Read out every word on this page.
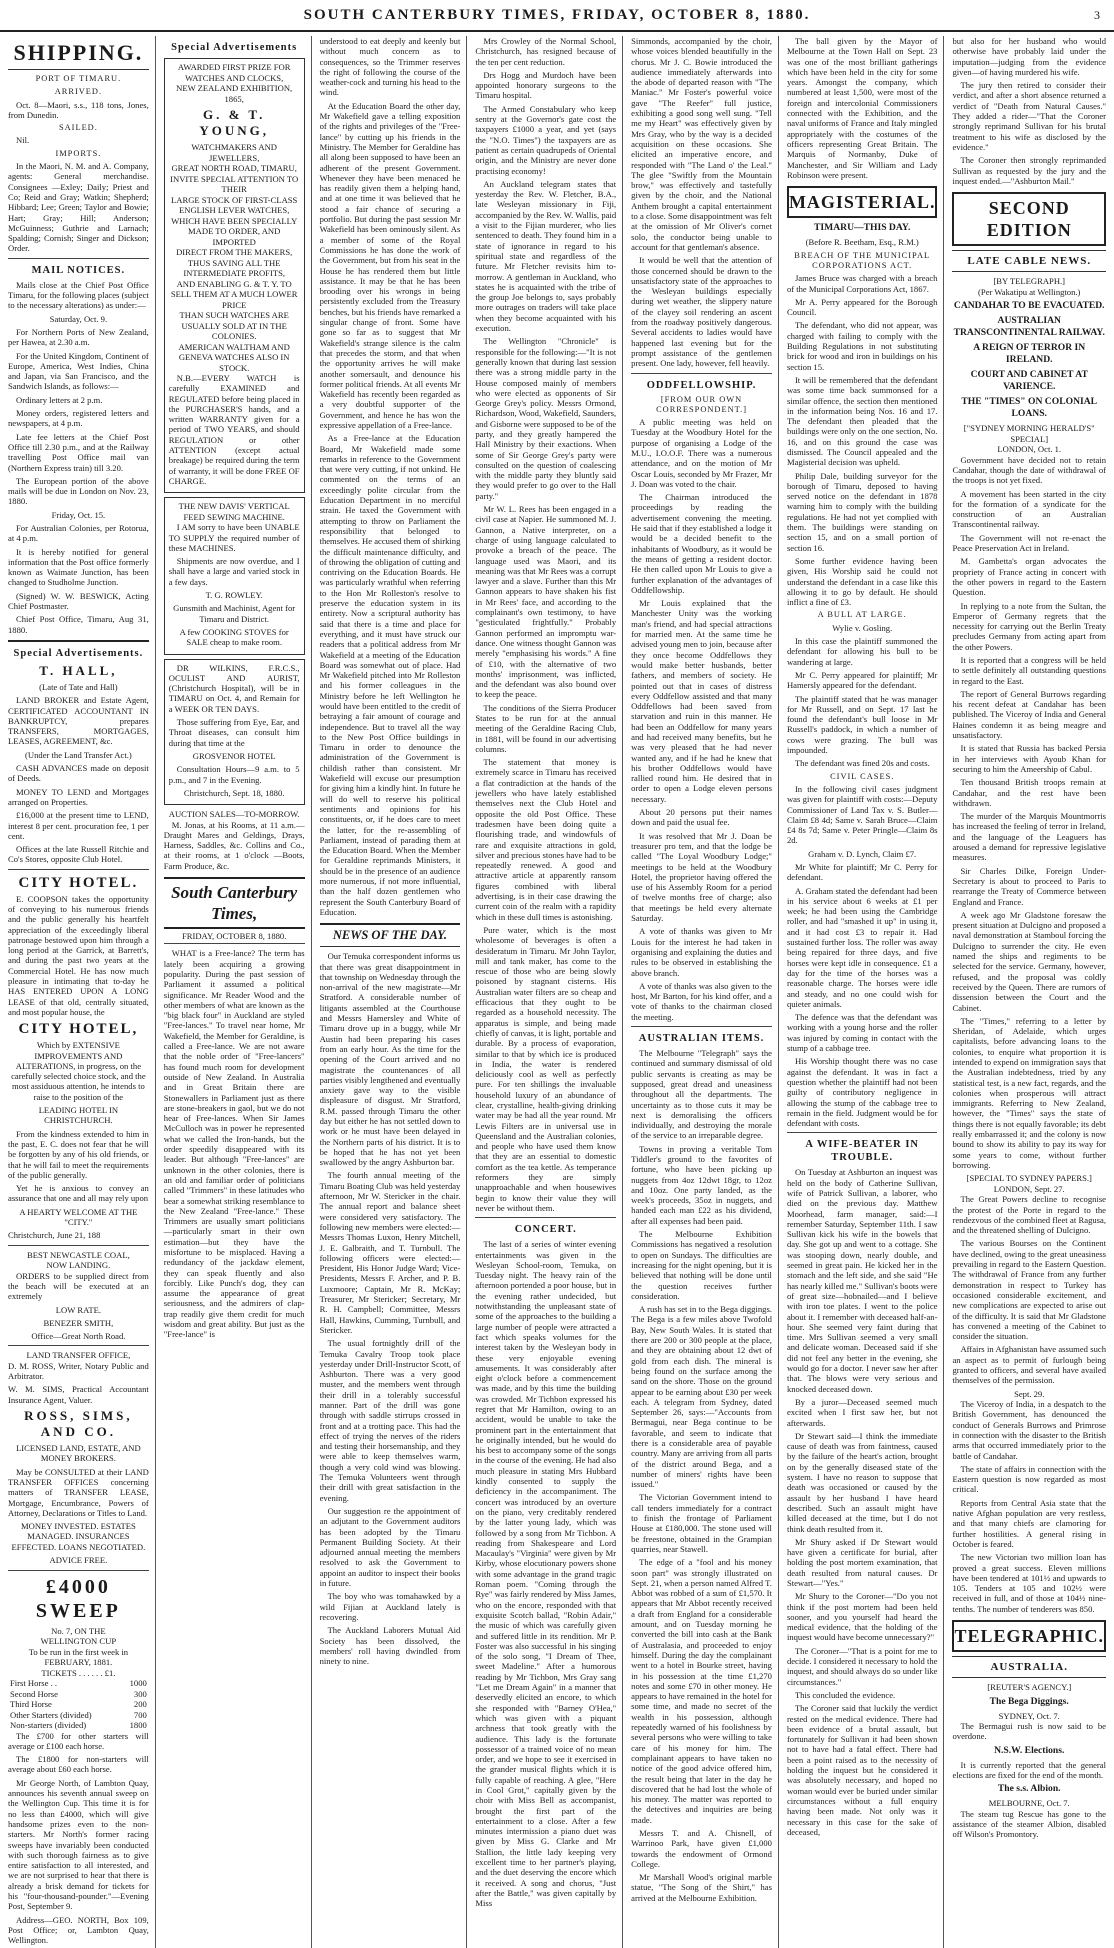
SOUTH CANTERBURY TIMES, FRIDAY, OCTOBER 8, 1880.	3
SHIPPING.
PORT OF TIMARU.
ARRIVED.

Oct. 8—Maori, s.s., 118 tons, Jones, from Dunedin.

SAILED.

Nil.

IMPORTS.

In the Maori, N. M. and A. Company, agents: General merchandise. Consignees —Exley; Daily; Priest and Co; Reid and Gray; Watkin; Shepherd; Hibbard; Lee; Green; Taylor and Bowie; Hart; Gray; Hill; Anderson; McGuinness; Guthrie and Larnach; Spalding; Cornish; Singer and Dickson; Order.

MAIL NOTICES.

Mails close at the Chief Post Office Timaru, for the following places (subject to the necessary alterations) as under:—

Saturday, Oct. 9.

For Northern Ports of New Zealand, per Hawea, at 2.30 a.m.

For the United Kingdom, Continent of Europe, America, West Indies, China and Japan, via San Francisco, and the Sandwich Islands, as follows:—

Ordinary letters at 2 p.m.

Money orders, registered letters and newspapers, at 4 p.m.

Late fee letters at the Chief Post Office till 2.30 p.m., and at the Railway travelling Post Office mail van (Northern Express train) till 3.20.

The European portion of the above mails will be due in London on Nov. 23, 1880.

Friday, Oct. 15.

For Australian Colonies, per Rotorua, at 4 p.m.

It is hereby notified for general information that the Post office formerly known as Waimate Junction, has been changed to Studholme Junction.

(Signed) W. W. BESWICK, Acting Chief Postmaster.

Chief Post Office, Timaru, Aug 31, 1880.

Special Advertisements.
T. HALL,

(Late of Tate and Hall)

LAND BROKER and Estate Agent, CERTIFICATED ACCOUNTANT IN BANKRUPTCY, prepares TRANSFERS, MORTGAGES, LEASES, AGREEMENT, &c.

(Under the Land Transfer Act.)

CASH ADVANCES made on deposit of Deeds.

MONEY TO LEND and Mortgages arranged on Properties.

£16,000 at the present time to LEND, interest 8 per cent. procuration fee, 1 per cent.

Offices at the late Russell Ritchie and Co's Stores, opposite Club Hotel.

CITY HOTEL.

E. COOPSON takes the opportunity of conveying to his numerous friends and the public generally his heartfelt appreciation of the exceedingly liberal patronage bestowed upon him through a long period at the Garrick, at Barrett's, and during the past two years at the Commercial Hotel. He has now much pleasure in intimating that to-day he HAS ENTERED UPON A LONG LEASE of that old, centrally situated, and most popular house, the

CITY HOTEL,

Which by EXTENSIVE IMPROVEMENTS AND ALTERATIONS, in progress, on the carefully selected choice stock, and the most assiduous attention, he intends to raise to the position of the

LEADING HOTEL IN CHRISTCHURCH.

From the kindness extended to him in the past, E. C. does not fear that he will be forgotten by any of his old friends, or that he will fail to meet the requirements of the public generally.

Yet he is anxious to convey an assurance that one and all may rely upon

A HEARTY WELCOME AT THE "CITY."

Christchurch, June 21, 188

BEST NEWCASTLE COAL,
NOW LANDING.

ORDERS to be supplied direct from the beach will be executed at an extremely

LOW RATE.

BENEZER SMITH,

Office—Great North Road.

LAND TRANSFER OFFICE,

D. M. ROSS, Writer, Notary Public and Arbitrator.

W. M. SIMS, Practical Accountant Insurance Agent, Valuer.

ROSS, SIMS, AND CO.

LICENSED LAND, ESTATE, AND MONEY BROKERS.

May be CONSULTED at their LAND TRANSFER OFFICES concerning matters of TRANSFER LEASE, Mortgage, Encumbrance, Powers of Attorney, Declarations or Titles to Land.

MONEY INVESTED. ESTATES MANAGED. INSURANCES EFFECTED. LOANS NEGOTIATED.

ADVICE FREE.
£4000 SWEEP
No. 7, ON THE
WELLINGTON CUP
To be run in the first week in
FEBRUARY, 1881.
TICKETS . . . . . . £1.
First Horse . .	1000
Second Horse	300
Third Horse	200
Other Starters (divided)	700
Non-starters (divided)	1800

The £700 for other starters will average or £100 each horse.

The £1800 for non-starters will average about £60 each horse.

Mr George North, of Lambton Quay, announces his seventh annual sweep on the Wellington Cup. This time it is for no less than £4000, which will give handsome prizes even to the non-starters. Mr North's former racing sweeps have invariably been conducted with such thorough fairness as to give entire satisfaction to all interested, and we are not surprised to hear that there is already a brisk demand for tickets for his "four-thousand-pounder."—Evening Post, September 9.

Address—GEO. NORTH, Box 109, Post Office; or, Lambton Quay, Wellington.

Special Advertisements
AWARDED FIRST PRIZE FOR WATCHES AND CLOCKS,
NEW ZEALAND EXHIBITION, 1865,
G. & T. YOUNG,
WATCHMAKERS AND JEWELLERS,
GREAT NORTH ROAD, TIMARU,
INVITE SPECIAL ATTENTION TO THEIR
LARGE STOCK OF FIRST-CLASS ENGLISH LEVER WATCHES,
WHICH HAVE BEEN SPECIALLY MADE TO ORDER, AND IMPORTED
DIRECT FROM THE MAKERS,
THUS SAVING ALL THE INTERMEDIATE PROFITS,
AND ENABLING G. & T. Y. TO SELL THEM AT A MUCH LOWER PRICE
THAN SUCH WATCHES ARE USUALLY SOLD AT IN THE COLONIES.
AMERICAN WALTHAM AND GENEVA WATCHES ALSO IN STOCK.

N.B.—EVERY WATCH is carefully EXAMINED and REGULATED before being placed in the PURCHASER'S hands, and a written WARRANTY given for a period of TWO YEARS, and should REGULATION or other ATTENTION (except actual breakage) be required during the term of warranty, it will be done FREE OF CHARGE.

THE NEW DAVIS' VERTICAL FEED SEWING MACHINE.

I AM sorry to have been UNABLE TO SUPPLY the required number of these MACHINES.

Shipments are now overdue, and I shall have a large and varied stock in a few days.

T. G. ROWLEY.

Gunsmith and Machinist, Agent for Timaru and District.

A few COOKING STOVES for SALE cheap to make room.

DR WILKINS, F.R.C.S., OCULIST AND AURIST, (Christchurch Hospital), will be in TIMARU on Oct. 4, and Remain for a WEEK OR TEN DAYS.

Those suffering from Eye, Ear, and Throat diseases, can consult him during that time at the

GROSVENOR HOTEL

Consultation Hours—9 a.m. to 5 p.m., and 7 in the Evening.

Christchurch, Sept. 18, 1880.

AUCTION SALES—TO-MORROW.

M. Jonas, at his Rooms, at 11 a.m.—Draught Mares and Geldings, Drays, Harness, Saddles, &c. Collins and Co., at their rooms, at 1 o'clock —Boots, Farm Produce, &c.

South Canterbury Times,
FRIDAY, OCTOBER 8, 1880.

WHAT is a Free-lance? The term has lately been acquiring a growing popularity. During the past session of Parliament it assumed a political significance. Mr Reader Wood and the other members of what are known as the "big black four" in Auckland are styled "Free-lances." To travel near home, Mr Wakefield, the Member for Geraldine, is called a Free-lance. We are not aware that the noble order of "Free-lancers" has found much room for development outside of New Zealand. In Australia and in Great Britain there are Stonewallers in Parliament just as there are stone-breakers in gaol, but we do not hear of Free-lances. When Sir James McCulloch was in power he represented what we called the Iron-hands, but the order speedily disappeared with its leader. But although "Free-lances" are unknown in the other colonies, there is an old and familiar order of politicians called "Trimmers" in these latitudes who bear a somewhat striking resemblance to the New Zealand "Free-lance." These Trimmers are usually smart politicians—particularly smart in their own estimation—but they have the misfortune to be misplaced. Having a redundancy of the jackdaw element, they can speak fluently and also forcibly. Like Punch's dog, they can assume the appearance of great seriousness, and the admirers of clap-trap readily give them credit for much wisdom and great ability. But just as the "Free-lance" is

understood to eat deeply and keenly but without much concern as to consequences, so the Trimmer reserves the right of following the course of the weather-cock and turning his head to the wind.

At the Education Board the other day, Mr Wakefield gave a telling exposition of the rights and privileges of the "Free-lance" by cutting up his friends in the Ministry. The Member for Geraldine has all along been supposed to have been an adherent of the present Government. Whenever they have been menaced he has readily given them a helping hand, and at one time it was believed that he stood a fair chance of securing a portfolio. But during the past session Mr Wakefield has been ominously silent. As a member of some of the Royal Commissions he has done the work of the Government, but from his seat in the House he has rendered them but little assistance. It may be that he has been brooding over his wrongs in being persistently excluded from the Treasury benches, but his friends have remarked a singular change of front. Some have gone so far as to suggest that Mr Wakefield's strange silence is the calm that precedes the storm, and that when the opportunity arrives he will make another somersault, and denounce his former political friends. At all events Mr Wakefield has recently been regarded as a very doubtful supporter of the Government, and hence he has won the expressive appellation of a Free-lance.

As a Free-lance at the Education Board, Mr Wakefield made some remarks in reference to the Government that were very cutting, if not unkind. He commented on the terms of an exceedingly polite circular from the Education Department in no merciful strain. He taxed the Government with attempting to throw on Parliament the responsibility that belonged to themselves. He accused them of shirking the difficult maintenance difficulty, and of throwing the obligation of cutting and contriving on the Education Boards. He was particularly wrathful when referring to the Hon Mr Rolleston's resolve to preserve the education system in its entirety. Now a scriptural authority has said that there is a time and place for everything, and it must have struck our readers that a political address from Mr Wakefield at a meeting of the Education Board was somewhat out of place. Had Mr Wakefield pitched into Mr Rolleston and his former colleagues in the Ministry before he left Wellington he would have been entitled to the credit of betraying a fair amount of courage and independence. But to travel all the way to the New Post Office buildings in Timaru in order to denounce the administration of the Government is childish rather than consistent. Mr Wakefield will excuse our presumption for giving him a kindly hint. In future he will do well to reserve his political sentiments and opinions for his constituents, or, if he does care to meet the latter, for the re-assembling of Parliament, instead of parading them at the Education Board. When the Member for Geraldine reprimands Ministers, it should be in the presence of an audience more numerous, if not more influential, than the half dozen gentlemen who represent the South Canterbury Board of Education.

NEWS OF THE DAY.

Our Temuka correspondent informs us that there was great disappointment in that township on Wednesday through the non-arrival of the new magistrate—Mr Stratford. A considerable number of litigants assembled at the Courthouse and Messrs Hamersley and White of Timaru drove up in a buggy, while Mr Austin had been preparing his cases from an early hour. As the time for the opening of the Court arrived and no magistrate the countenances of all parties visibly lengthened and eventually anxiety gave way to the visible displeasure of disgust. Mr Stratford, R.M. passed through Timaru the other day but either he has not settled down to work or he must have been delayed in the Northern parts of his district. It is to be hoped that he has not yet been swallowed by the angry Ashburton bar.

The fourth annual meeting of the Timaru Boating Club was held yesterday afternoon, Mr W. Stericker in the chair. The annual report and balance sheet were considered very satisfactory. The following new members were elected:—Messrs Thomas Luxon, Henry Mitchell, J. E. Galbraith, and T. Turnbull. The following officers were elected:—President, His Honor Judge Ward; Vice-Presidents, Messrs F. Archer, and P. B. Luxmoore; Captain, Mr R. McKay; Treasurer, Mr Stericker; Secretary, Mr R. H. Campbell; Committee, Messrs Hall, Hawkins, Cumming, Turnbull, and Stericker.

The usual fortnightly drill of the Temuka Cavalry Troop took place yesterday under Drill-Instructor Scott, of Ashburton. There was a very good muster, and the members went through their drill in a tolerably successful manner. Part of the drill was gone through with saddle stirrups crossed in front and at a trotting pace. This had the effect of trying the nerves of the riders and testing their horsemanship, and they were able to keep themselves warm, though a very cold wind was blowing. The Temuka Volunteers went through their drill with great satisfaction in the evening.

Our suggestion re the appointment of an adjutant to the Government auditors has been adopted by the Timaru Permanent Building Society. At their adjourned annual meeting the members resolved to ask the Government to appoint an auditor to inspect their books in future.

The boy who was tomahawked by a wild Fijian at Auckland lately is recovering.

The Auckland Laborers Mutual Aid Society has been dissolved, the members' roll having dwindled from ninety to nine.

Mrs Crowley of the Normal School, Christchurch, has resigned because of the ten per cent reduction.

Drs Hogg and Murdoch have been appointed honorary surgeons to the Timaru hospital.

The Armed Constabulary who keep sentry at the Governor's gate cost the taxpayers £1000 a year, and yet (says the "N.O. Times") the taxpayers are as patient as certain quadrupeds of Oriental origin, and the Ministry are never done practising economy!

An Auckland telegram states that yesterday the Rev. W. Fletcher, B.A., late Wesleyan missionary in Fiji, accompanied by the Rev. W. Wallis, paid a visit to the Fijian murderer, who lies sentenced to death. They found him in a state of ignorance in regard to his spiritual state and regardless of the future. Mr Fletcher revisits him to-morrow. A gentleman in Auckland, who states he is acquainted with the tribe of the group Joe belongs to, says probably more outrages on traders will take place when they become acquainted with his execution.

The Wellington "Chronicle" is responsible for the following:—"It is not generally known that during last session there was a strong middle party in the House composed mainly of members who were elected as opponents of Sir George Grey's policy. Messrs Ormond, Richardson, Wood, Wakefield, Saunders, and Gisborne were supposed to be of the party, and they greatly hampered the Hall Ministry by their exactions. When some of Sir George Grey's party were consulted on the question of coalescing with the middle party they bluntly said they would prefer to go over to the Hall party."

Mr W. L. Rees has been engaged in a civil case at Napier. He summoned M. J. Gannon, a Native interpreter, on a charge of using language calculated to provoke a breach of the peace. The language used was Maori, and its meaning was that Mr Rees was a corrupt lawyer and a slave. Further than this Mr Gannon appears to have shaken his fist in Mr Rees' face, and according to the complainant's own testimony, to have "gesticulated frightfully." Probably Gannon performed an impromptu war-dance. One witness thought Gannon was merely "emphasising his words." A fine of £10, with the alternative of two months' imprisonment, was inflicted, and the defendant was also bound over to keep the peace.

The conditions of the Sierra Producer States to be run for at the annual meeting of the Geraldine Racing Club, in 1881, will be found in our advertising columns.

The statement that money is extremely scarce in Timaru has received a flat contradiction at the hands of the jewellers who have lately established themselves next the Club Hotel and opposite the old Post Office. These tradesmen have been doing quite a flourishing trade, and windowfuls of rare and exquisite attractions in gold, silver and precious stones have had to be repeatedly renewed. A good and attractive article at apparently ransom figures combined with liberal advertising, is in their case drawing the current coin of the realm with a rapidity which in these dull times is astonishing.

Pure water, which is the most wholesome of beverages is often a desideratum in Timaru. Mr John Taylor, mill and tank maker, has come to the rescue of those who are being slowly poisoned by stagnant cisterns. His Australian water filters are so cheap and efficacious that they ought to be regarded as a household necessity. The apparatus is simple, and being made chiefly of canvas, it is light, portable and durable. By a process of evaporation, similar to that by which ice is produced in India, the water is rendered deliciously cool as well as perfectly pure. For ten shillings the invaluable household luxury of an abundance of clear, crystalline, health-giving drinking water may be had all the year round. Mr Lewis Filters are in universal use in Queensland and the Australian colonies, and people who have used them know that they are an essential to domestic comfort as the tea kettle. As temperance reformers they are simply unapproachable and when housewives begin to know their value they will never be without them.

CONCERT.

The last of a series of winter evening entertainments was given in the Wesleyan School-room, Temuka, on Tuesday night. The heavy rain of the afternoon portended a poor house, but in the evening rather undecided, but notwithstanding the unpleasant state of some of the approaches to the building a large number of people were attracted a fact which speaks volumes for the interest taken by the Wesleyan body in these very enjoyable evening amusements. It was considerably after eight o'clock before a commencement was made, and by this time the building was crowded. Mr Tichbon expressed his regret that Mr Hamilton, owing to an accident, would be unable to take the prominent part in the entertainment that he originally intended, but he would do his best to accompany some of the songs in the course of the evening. He had also much pleasure in stating Mrs Hubbard kindly consented to supply the deficiency in the accompaniment. The concert was introduced by an overture on the piano, very creditably rendered by the latter young lady, which was followed by a song from Mr Tichbon. A reading from Shakespeare and Lord Macaulay's "Virginia" were given by Mr Kirby, whose elocutionary powers shone with some advantage in the grand tragic Roman poem. "Coming through the Rye" was fairly rendered by Miss James, who on the encore, responded with that exquisite Scotch ballad, "Robin Adair," the music of which was carefully given and suffered little in its rendition. Mr P. Foster was also successful in his singing of the solo song, "I Dream of Thee, sweet Madeline." After a humorous reading by Mr Tichbon, Mrs Gray sang "Let me Dream Again" in a manner that deservedly elicited an encore, to which she responded with "Barney O'Hea," which was given with a piquant archness that took greatly with the audience. This lady is the fortunate possessor of a trained voice of no mean order, and we hope to see it exercised in the grander musical flights which it is fully capable of reaching. A glee, "Here in Cool Grot," capitally given by the choir with Miss Bell as accompanist, brought the first part of the entertainment to a close. After a few minutes intermission a piano duet was given by Miss G. Clarke and Mr Stallion, the little lady keeping very excellent time to her partner's playing, and the duet deserving the encore which it received. A song and chorus, "Just after the Battle," was given capitally by Miss

Simmonds, accompanied by the choir, whose voices blended beautifully in the chorus. Mr J. C. Bowie introduced the audience immediately afterwards into the abode of departed reason with "The Maniac." Mr Foster's powerful voice gave "The Reefer" full justice, exhibiting a good song well sung. "Tell me my Heart" was effectively given by Mrs Gray, who by the way is a decided acquisition on these occasions. She elicited an imperative encore, and responded with "The Land o' the Leal." The glee "Swiftly from the Mountain brow," was effectively and tastefully given by the choir, and the National Anthem brought a capital entertainment to a close. Some disappointment was felt at the omission of Mr Oliver's cornet solo, the conductor being unable to account for that gentleman's absence.

It would be well that the attention of those concerned should be drawn to the unsatisfactory state of the approaches to the Wesleyan buildings especially during wet weather, the slippery nature of the clayey soil rendering an ascent from the roadway positively dangerous. Several accidents to ladies would have happened last evening but for the prompt assistance of the gentlemen present. One lady, however, fell heavily.

ODDFELLOWSHIP.
[FROM OUR OWN CORRESPONDENT.]

A public meeting was held on Tuesday at the Woodbury Hotel for the purpose of organising a Lodge of the M.U., I.O.O.F. There was a numerous attendance, and on the motion of Mr Oscar Louis, seconded by Mr Frazer, Mr J. Doan was voted to the chair.

The Chairman introduced the proceedings by reading the advertisement convening the meeting. He said that if they established a lodge it would be a decided benefit to the inhabitants of Woodbury, as it would be the means of getting a resident doctor. He then called upon Mr Louis to give a further explanation of the advantages of Oddfellowship.

Mr Louis explained that the Manchester Unity was the working man's friend, and had special attractions for married men. At the same time he advised young men to join, because after they once become Oddfellows they would make better husbands, better fathers, and members of society. He pointed out that in cases of distress every Oddfellow assisted and that many Oddfellows had been saved from starvation and ruin in this manner. He had been an Oddfellow for many years and had received many benefits, but he was very pleased that he had never wanted any, and if he had he knew that his brother Oddfellows would have rallied round him. He desired that in order to open a Lodge eleven persons necessary.

About 20 persons put their names down and paid the usual fee.

It was resolved that Mr J. Doan be treasurer pro tem, and that the lodge be called "The Loyal Woodbury Lodge;" meetings to be held at the Woodbury Hotel, the proprietor having offered the use of his Assembly Room for a period of twelve months free of charge; also that meetings be held every alternate Saturday.

A vote of thanks was given to Mr Louis for the interest he had taken in organising and explaining the duties and rules to be observed in establishing the above branch.

A vote of thanks was also given to the host, Mr Barton, for his kind offer, and a vote of thanks to the chairman closed the meeting.

AUSTRALIAN ITEMS.

The Melbourne "Telegraph" says the continued and summary dismissal of old public servants is creating as may be supposed, great dread and uneasiness throughout all the departments. The uncertainty as to those cuts it may be next is demoralising the officers individually, and destroying the morale of the service to an irreparable degree.

Towns in proving a veritable Tom Tiddler's ground to the favorites of fortune, who have been picking up nuggets from 4oz 12dwt 18gr, to 12oz and 10oz. One party landed, as the week's proceeds, 35oz in nuggets, and handed each man £22 as his dividend, after all expenses had been paid.

The Melbourne Exhibition Commissions has negatived a resolution to open on Sundays. The difficulties are increasing for the night opening, but it is believed that nothing will be done until the question receives further consideration.

A rush has set in to the Bega diggings. The Bega is a few miles above Twofold Bay, New South Wales. It is stated that there are 200 or 300 people at the place, and they are obtaining about 12 dwt of gold from each dish. The mineral is being found on the surface among the sand on the shore. Those on the ground appear to be earning about £30 per week each. A telegram from Sydney, dated September 26, says:—"Accounts from Bermagui, near Bega continue to be favorable, and seem to indicate that there is a considerable area of payable country. Many are arriving from all parts of the district around Bega, and a number of miners' rights have been issued."

The Victorian Government intend to call tenders immediately for a contract to finish the frontage of Parliament House at £180,000. The stone used will be freestone, obtained in the Grampian quarries, near Stawell.

The edge of a "fool and his money soon part" was strongly illustrated on Sept. 21, when a person named Alfred T. Abbot was robbed of a sum of £1,570. It appears that Mr Abbot recently received a draft from England for a considerable amount, and on Tuesday morning he converted the bill into cash at the Bank of Australasia, and proceeded to enjoy himself. During the day the complainant went to a hotel in Bourke street, having in his possession at the time £1,270 notes and some £70 in other money. He appears to have remained in the hotel for some time, and made no secret of the wealth in his possession, although repeatedly warned of his foolishness by several persons who were willing to take care of his money for him. The complainant appears to have taken no notice of the good advice offered him, the result being that later in the day he discovered that he had lost the whole of his money. The matter was reported to the detectives and inquiries are being made.

Messrs T. and A. Chisnell, of Warrinoo Park, have given £1,000 towards the endowment of Ormond College.

Mr Marshall Wood's original marble statue, "The Song of the Shirt," has arrived at the Melbourne Exhibition.

The ball given by the Mayor of Melbourne at the Town Hall on Sept. 23 was one of the most brilliant gatherings which have been held in the city for some years. Amongst the company, which numbered at least 1,500, were most of the foreign and intercolonial Commissioners connected with the Exhibition, and the naval uniforms of France and Italy mingled appropriately with the costumes of the officers representing Great Britain. The Marquis of Normanby, Duke of Manchester, and Sir William and Lady Robinson were present.

MAGISTERIAL.
TIMARU—THIS DAY.
(Before R. Beetham, Esq., R.M.)
BREACH OF THE MUNICIPAL CORPORATIONS ACT.

James Bruce was charged with a breach of the Municipal Corporations Act, 1867.

Mr A. Perry appeared for the Borough Council.

The defendant, who did not appear, was charged with failing to comply with the Building Regulations in not substituting brick for wood and iron in buildings on his section 15.

It will be remembered that the defendant was some time back summonsed for a similar offence, the section then mentioned in the information being Nos. 16 and 17. The defendant then pleaded that the buildings were only on the one section, No. 16, and on this ground the case was dismissed. The Council appealed and the Magisterial decision was upheld.

Philip Dale, building surveyor for the borough of Timaru, deposed to having served notice on the defendant in 1878 warning him to comply with the building regulations. He had not yet complied with them. The buildings were standing on section 15, and on a small portion of section 16.

Some further evidence having been given, His Worship said he could not understand the defendant in a case like this allowing it to go by default. He should inflict a fine of £3.

A BULL AT LARGE.

Wylie v. Gosling.

In this case the plaintiff summoned the defendant for allowing his bull to be wandering at large.

Mr C. Perry appeared for plaintiff; Mr Hamersly appeared for the defendant.

The plaintiff stated that he was manager for Mr Russell, and on Sept. 17 last he found the defendant's bull loose in Mr Russell's paddock, in which a number of cows were grazing. The bull was impounded.

The defendant was fined 20s and costs.

CIVIL CASES.

In the following civil cases judgment was given for plaintiff with costs:—Deputy Commissioner of Land Tax v. S. Butler—Claim £8 4d; Same v. Sarah Bruce—Claim £4 8s 7d; Same v. Peter Pringle—Claim 8s 2d.

Graham v. D. Lynch, Claim £7.

Mr White for plaintiff; Mr C. Perry for defendant.

A. Graham stated the defendant had been in his service about 6 weeks at £1 per week; he had been using the Cambridge roller, and had "smashed it up" in using it, and it had cost £3 to repair it. Had sustained further loss. The roller was away being repaired for three days, and five horses were kept idle in consequence. £1 a day for the time of the horses was a reasonable charge. The horses were idle and steady, and no one could wish for quieter animals.

The defence was that the defendant was working with a young horse and the roller was injured by coming in contact with the stump of a cabbage tree.

His Worship thought there was no case against the defendant. It was in fact a question whether the plaintiff had not been guilty of contributory negligence in allowing the stump of the cabbage tree to remain in the field. Judgment would be for defendant with costs.

A WIFE-BEATER IN TROUBLE.

On Tuesday at Ashburton an inquest was held on the body of Catherine Sullivan, wife of Patrick Sullivan, a laborer, who died on the previous day. Matthew Moorhead, farm manager, said:—I remember Saturday, September 11th. I saw Sullivan kick his wife in the bowels that day. She got up and went to a cottage. She was stooping down, nearly double, and seemed in great pain. He kicked her in the stomach and the left side, and she said "He has nearly killed me." Sullivan's boots were of great size—hobnailed—and I believe with iron toe plates. I went to the police about it. I remember with deceased half-an-hour. She seemed very faint during that time. Mrs Sullivan seemed a very small and delicate woman. Deceased said if she did not feel any better in the evening, she would go for a doctor. I never saw her after that. The blows were very serious and knocked deceased down.

By a juror—Deceased seemed much excited when I first saw her, but not afterwards.

Dr Stewart said—I think the immediate cause of death was from faintness, caused by the failure of the heart's action, brought on by the generally diseased state of the system. I have no reason to suppose that death was occasioned or caused by the assault by her husband I have heard described. Such an assault might have killed deceased at the time, but I do not think death resulted from it.

Mr Shury asked if Dr Stewart would have given a certificate for burial, after holding the post mortem examination, that death resulted from natural causes. Dr Stewart—"Yes."

Mr Shury to the Coroner—"Do you not think if the post mortem had been held sooner, and you yourself had heard the medical evidence, that the holding of the inquest would have become unnecessary?"

The Coroner—"That is a point for me to decide. I considered it necessary to hold the inquest, and should always do so under like circumstances."

This concluded the evidence.

The Coroner said that luckily the verdict rested on the medical evidence. There had been evidence of a brutal assault, but fortunately for Sullivan it had been shown not to have had a fatal effect. There had been a point raised as to the necessity of holding the inquest but he considered it was absolutely necessary, and hoped no woman would ever be buried under similar circumstances without a full enquiry having been made. Not only was it necessary in this case for the sake of deceased,

but also for her husband who would otherwise have probably laid under the imputation—judging from the evidence given—of having murdered his wife.

The jury then retired to consider their verdict, and after a short absence returned a verdict of "Death from Natural Causes." They added a rider—"That the Coroner strongly reprimand Sullivan for his brutal treatment to his wife as disclosed by the evidence."

The Coroner then strongly reprimanded Sullivan as requested by the jury and the inquest ended.—"Ashburton Mail."

SECOND EDITION
LATE CABLE NEWS.
[BY TELEGRAPH.]
(Per Wakatipu at Wellington.)
CANDAHAR TO BE EVACUATED.
AUSTRALIAN TRANSCONTINENTAL RAILWAY.
A REIGN OF TERROR IN IRELAND.
COURT AND CABINET AT VARIENCE.
THE "TIMES" ON COLONIAL LOANS.
["SYDNEY MORNING HERALD'S" SPECIAL]
LONDON, Oct. 1.

Government have decided not to retain Candahar, though the date of withdrawal of the troops is not yet fixed.

A movement has been started in the city for the formation of a syndicate for the construction of an Australian Transcontinental railway.

The Government will not re-enact the Peace Preservation Act in Ireland.

M. Gambetta's organ advocates the propriety of France acting in concert with the other powers in regard to the Eastern Question.

In replying to a note from the Sultan, the Emperor of Germany regrets that the necessity for carrying out the Berlin Treaty precludes Germany from acting apart from the other Powers.

It is reported that a congress will be held to settle definitely all outstanding questions in regard to the East.

The report of General Burrows regarding his recent defeat at Candahar has been published. The Viceroy of India and General Haines condemn it as being meagre and unsatisfactory.

It is stated that Russia has backed Persia in her interviews with Ayoub Khan for securing to him the Ameership of Cabul.

Ten thousand British troops remain at Candahar, and the rest have been withdrawn.

The murder of the Marquis Mountmorris has increased the feeling of terror in Ireland, and the language of the Leaguers has aroused a demand for repressive legislative measures.

Sir Charles Dilke, Foreign Under-Secretary is about to proceed to Paris to rearrange the Treaty of Commerce between England and France.

A week ago Mr Gladstone foresaw the present situation at Dulcigno and proposed a naval demonstration at Stamboul forcing the Dulcigno to surrender the city. He even named the ships and regiments to be selected for the service. Germany, however, refused, and the proposal was coldly received by the Queen. There are rumors of dissension between the Court and the Cabinet.

The "Times," referring to a letter by Sheridan, of Adelaide, which urges capitalists, before advancing loans to the colonies, to enquire what proportion it is intended to expend on immigration says that the Australian indebtedness, tried by any statistical test, is a new fact, regards, and the colonies when prosperous will attract immigrants. Referring to New Zealand, however, the "Times" says the state of things there is not equally favorable; its debt really embarrassed it; and the colony is now bound to show its ability to pay its way for some years to come, without further borrowing.

[SPECIAL TO SYDNEY PAPERS.]
LONDON, Sept. 27.

The Great Powers decline to recognise the protest of the Porte in regard to the rendezvous of the combined fleet at Ragusa, and the threatened shelling of Dulcigno.

The various Bourses on the Continent have declined, owing to the great uneasiness prevailing in regard to the Eastern Question. The withdrawal of France from any further demonstration in respect to Turkey has occasioned considerable excitement, and new complications are expected to arise out of the difficulty. It is said that Mr Gladstone has convened a meeting of the Cabinet to consider the situation.

Affairs in Afghanistan have assumed such an aspect as to permit of furlough being granted to officers, and several have availed themselves of the permission.

Sept. 29.

The Viceroy of India, in a despatch to the British Government, has denounced the conduct of Generals Burrows and Primrose in connection with the disaster to the British arms that occurred immediately prior to the battle of Candahar.

The state of affairs in connection with the Eastern question is now regarded as most critical.

Reports from Central Asia state that the native Afghan population are very restless, and that many chiefs are clamoring for further hostilities. A general rising in October is feared.

The new Victorian two million loan has proved a great success. Eleven millions have been tendered at 101½ and upwards to 105. Tenders at 105 and 102½ were received in full, and of those at 104½ nine-tenths. The number of tenderers was 850.

TELEGRAPHIC.
AUSTRALIA.
[REUTER'S AGENCY.]
The Bega Diggings.
SYDNEY, Oct. 7.

The Bermagui rush is now said to be overdone.

N.S.W. Elections.

It is currently reported that the general elections are fixed for the end of the month.

The s.s. Albion.
MELBOURNE, Oct. 7.

The steam tug Rescue has gone to the assistance of the steamer Albion, disabled off Wilson's Promontory.
